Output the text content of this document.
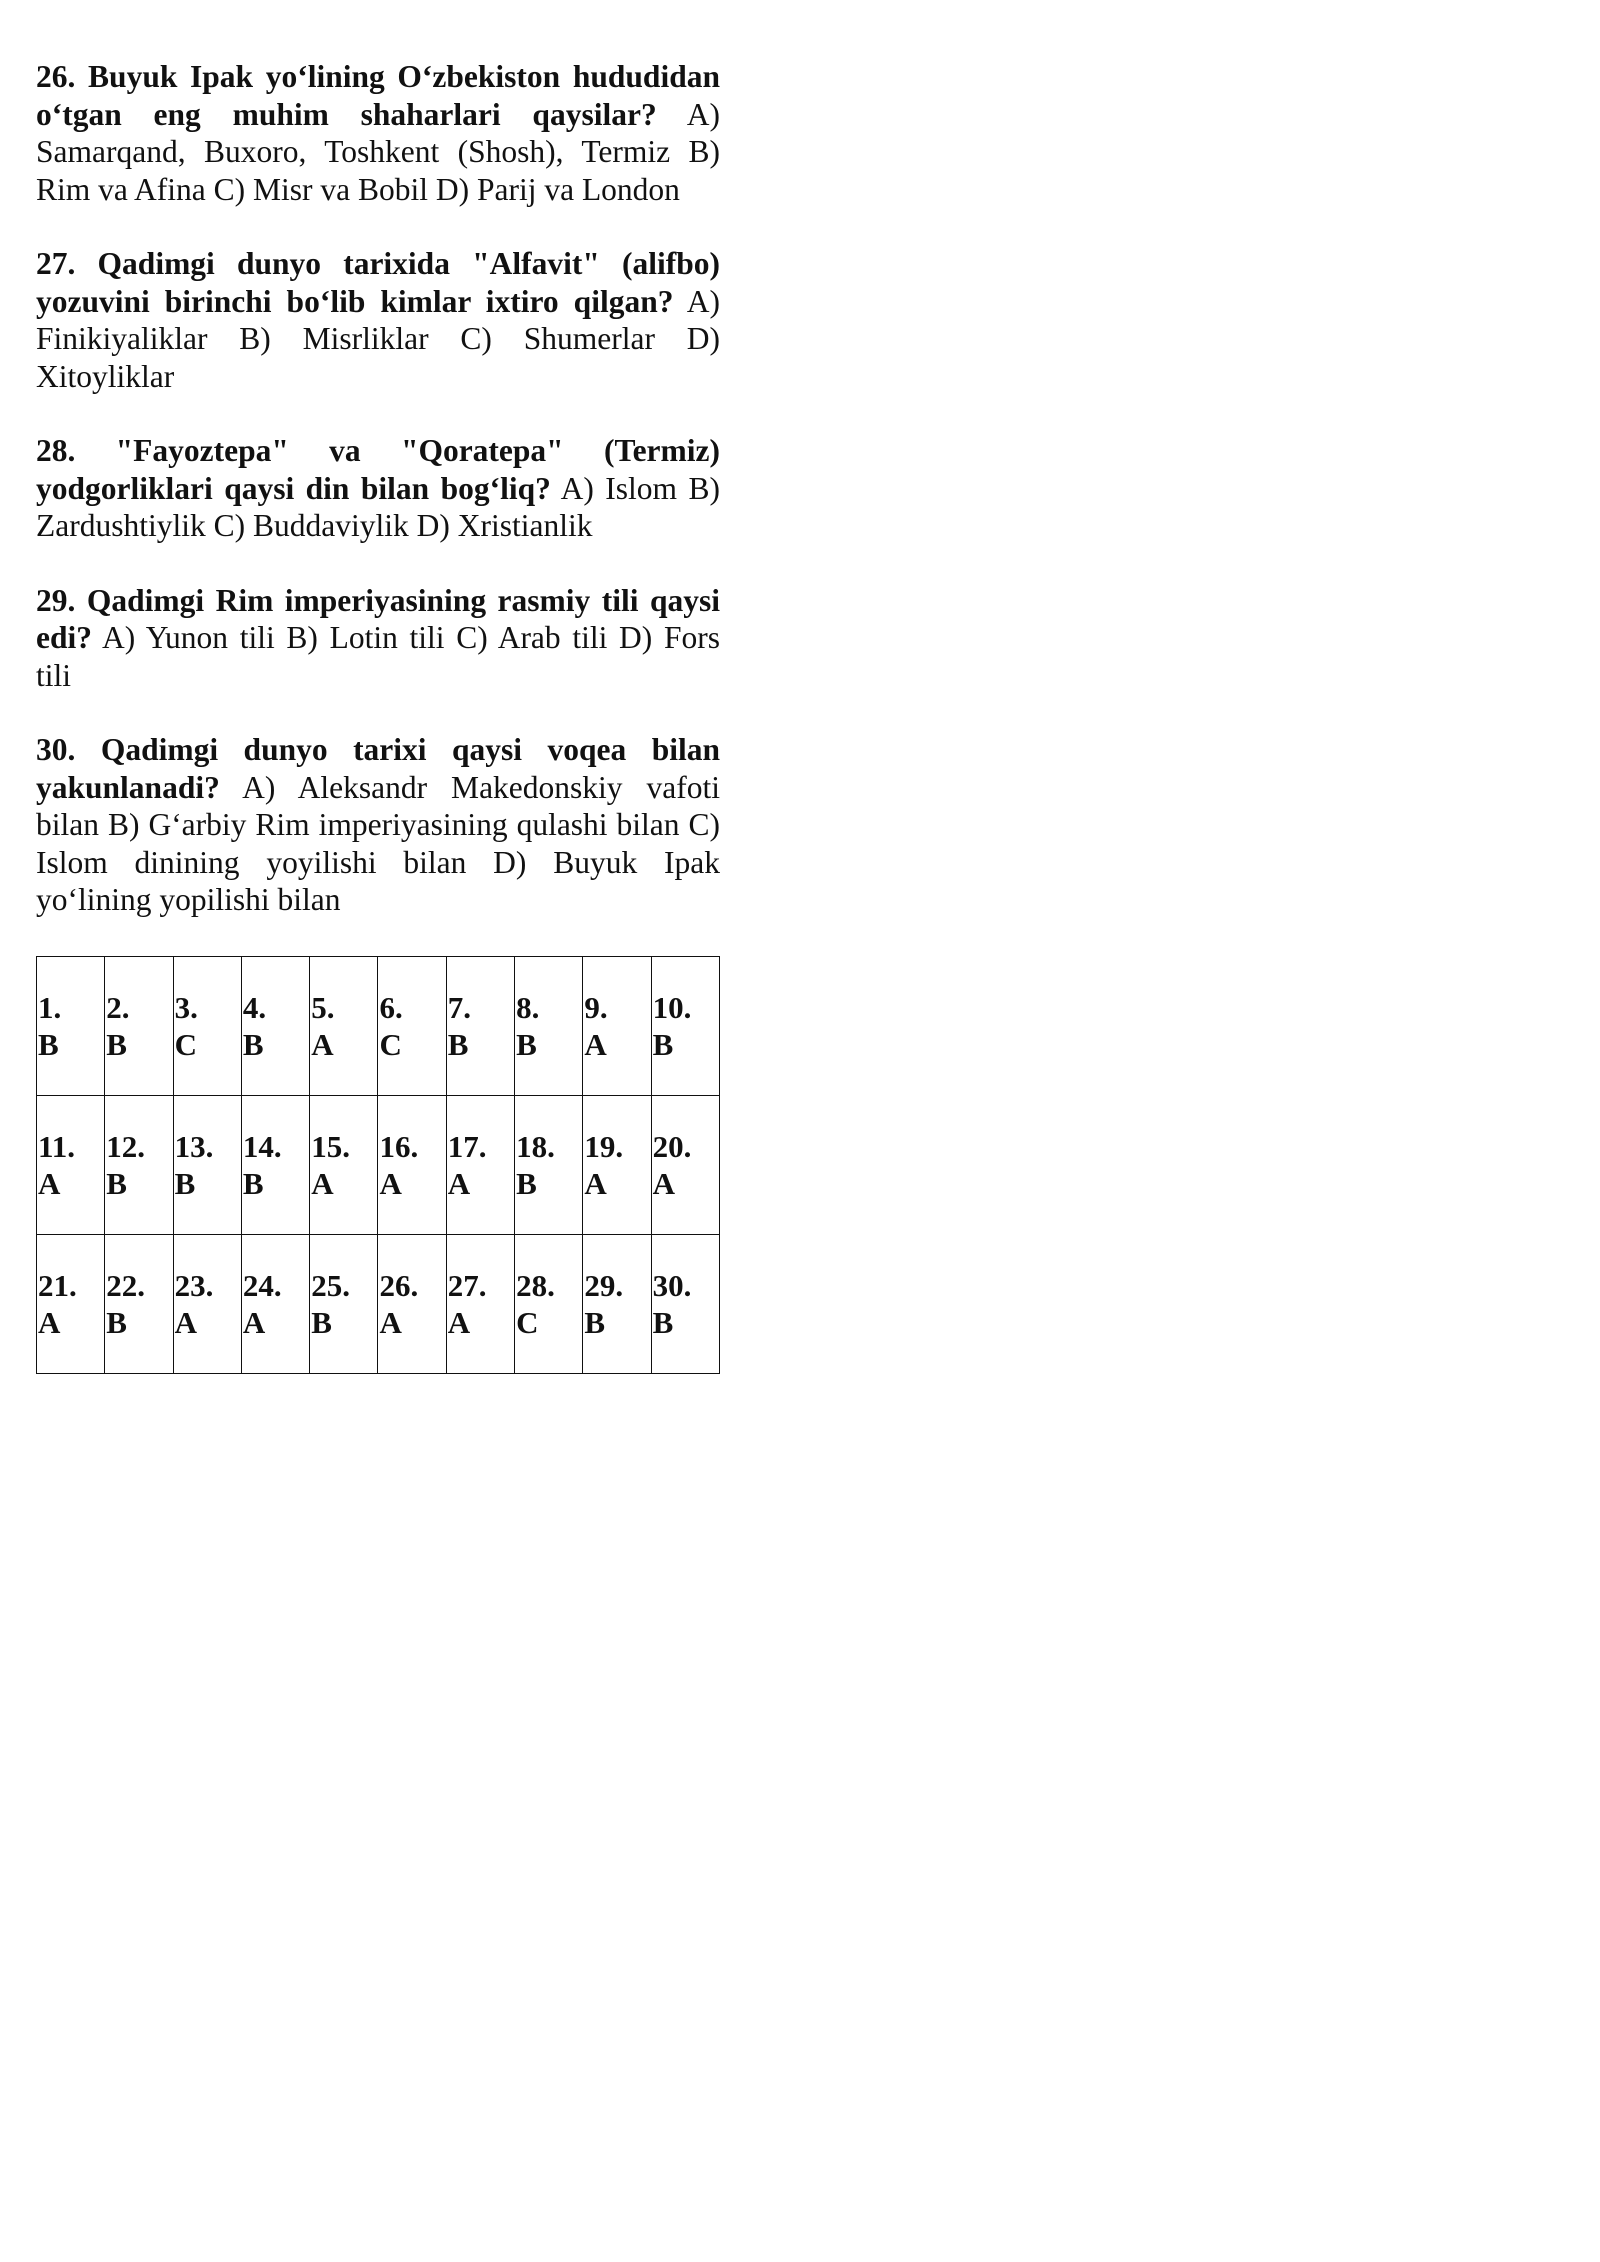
26. Buyuk Ipak yo‘lining O‘zbekiston hududidan o‘tgan eng muhim shaharlari qaysilar? A) Samarqand, Buxoro, Toshkent (Shosh), Termiz B) Rim va Afina C) Misr va Bobil D) Parij va London

27. Qadimgi dunyo tarixida "Alfavit" (alifbo) yozuvini birinchi bo‘lib kimlar ixtiro qilgan? A) Finikiyaliklar B) Misrliklar C) Shumerlar D) Xitoyliklar

28. "Fayoztepa" va "Qoratepa" (Termiz) yodgorliklari qaysi din bilan bog‘liq? A) Islom B) Zardushtiylik C) Buddaviylik D) Xristianlik

29. Qadimgi Rim imperiyasining rasmiy tili qaysi edi? A) Yunon tili B) Lotin tili C) Arab tili D) Fors tili

30. Qadimgi dunyo tarixi qaysi voqea bilan yakunlanadi? A) Aleksandr Makedonskiy vafoti bilan B) G‘arbiy Rim imperiyasining qulashi bilan C) Islom dinining yoyilishi bilan D) Buyuk Ipak yo‘lining yopilishi bilan

1.
B	2.
B	3.
C	4.
B	5.
A	6.
C	7.
B	8.
B	9.
A	10.
B

11.
A	12.
B	13.
B	14.
B	15.
A	16.
A	17.
A	18.
B	19.
A	20.
A

21.
A	22.
B	23.
A	24.
A	25.
B	26.
A	27.
A	28.
C	29.
B	30.
B
